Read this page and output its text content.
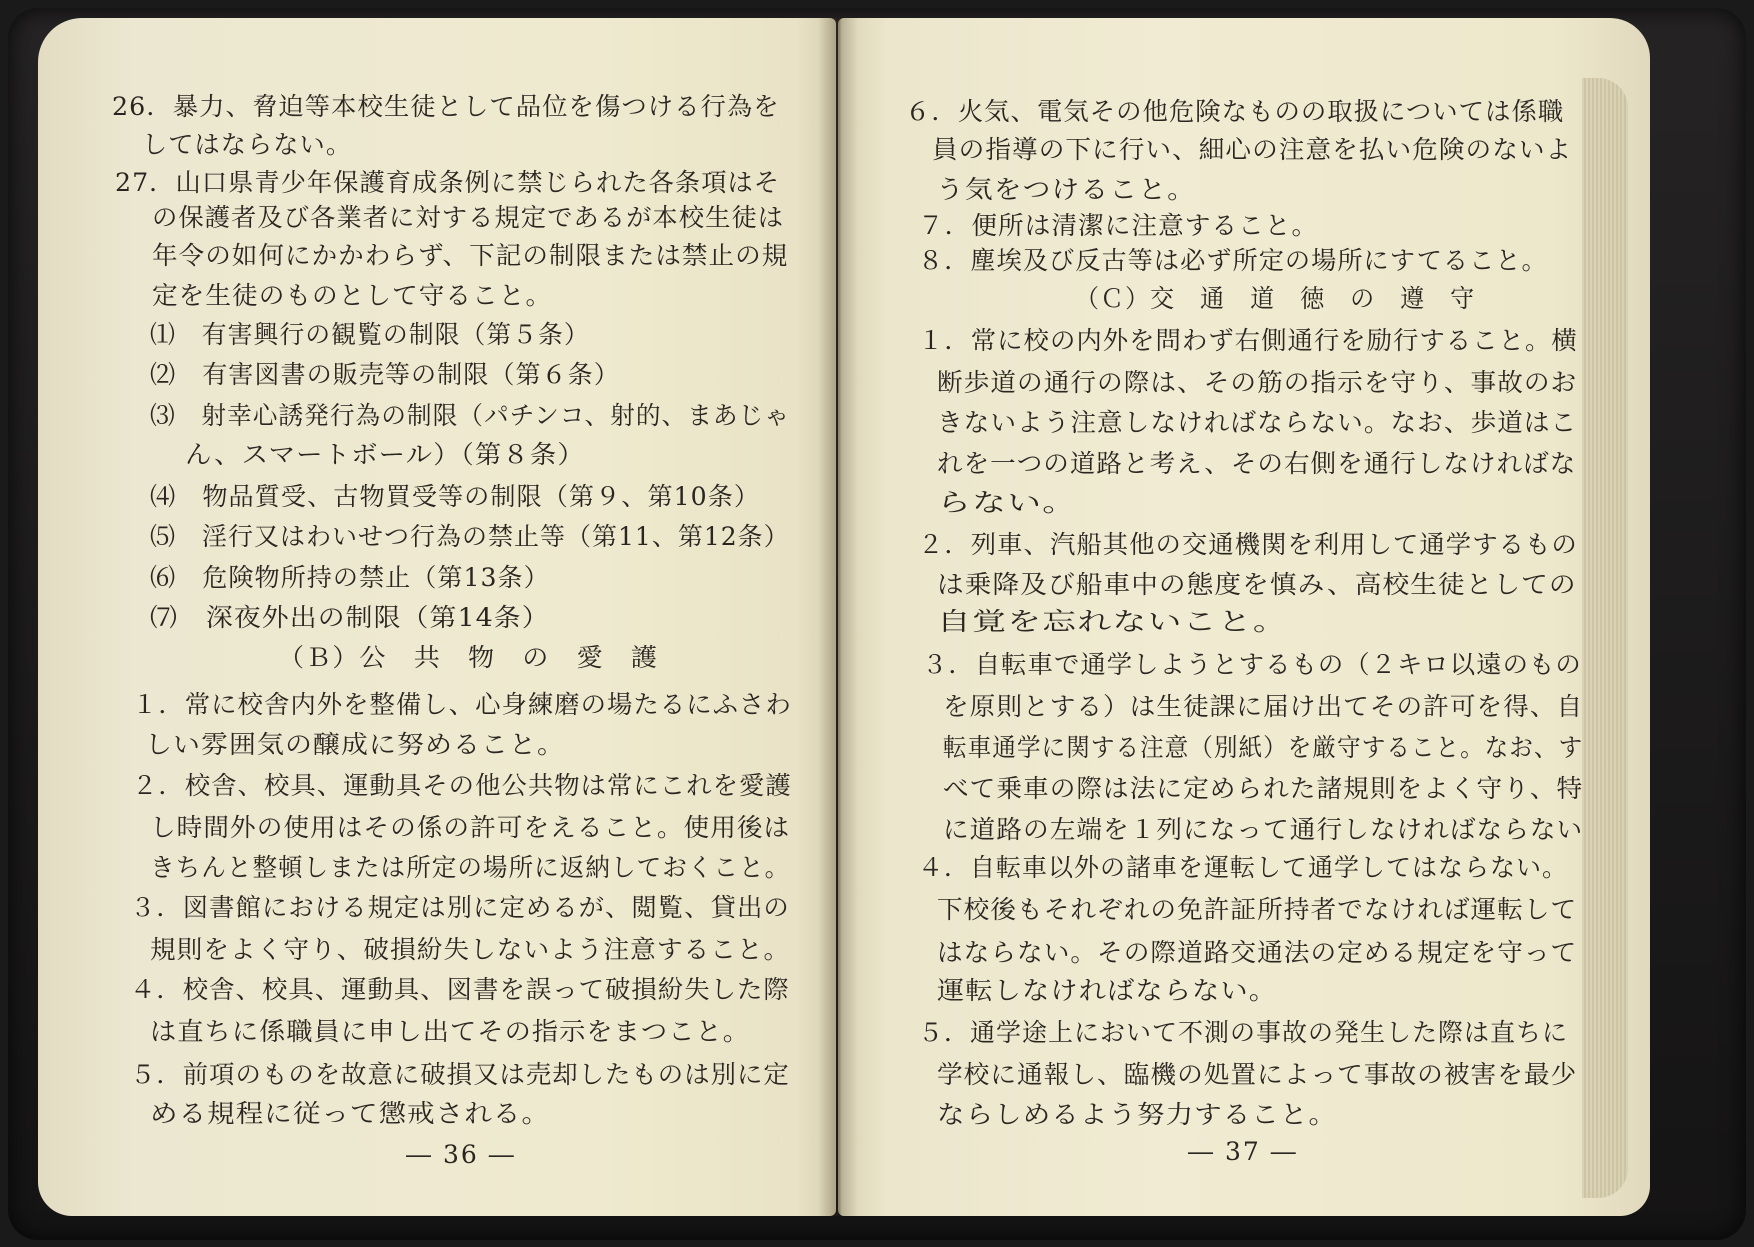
26．暴力、脅迫等本校生徒として品位を傷つける行為を
してはならない。
27．山口県青少年保護育成条例に禁じられた各条項はそ
の保護者及び各業者に対する規定であるが本校生徒は
年令の如何にかかわらず、下記の制限または禁止の規
定を生徒のものとして守ること。
⑴　有害興行の観覧の制限（第５条）
⑵　有害図書の販売等の制限（第６条）
⑶　射幸心誘発行為の制限（パチンコ、射的、まあじゃ
ん、スマートボール）（第８条）
⑷　物品質受、古物買受等の制限（第９、第10条）
⑸　淫行又はわいせつ行為の禁止等（第11、第12条）
⑹　危険物所持の禁止（第13条）
⑺　深夜外出の制限（第14条）
（Ｂ）公　共　物　の　愛　護
１．常に校舎内外を整備し、心身練磨の場たるにふさわ
しい雰囲気の醸成に努めること。
２．校舎、校具、運動具その他公共物は常にこれを愛護
し時間外の使用はその係の許可をえること。使用後は
きちんと整頓しまたは所定の場所に返納しておくこと。
３．図書館における規定は別に定めるが、閲覧、貸出の
規則をよく守り、破損紛失しないよう注意すること。
４．校舎、校具、運動具、図書を誤って破損紛失した際
は直ちに係職員に申し出てその指示をまつこと。
５．前項のものを故意に破損又は売却したものは別に定
める規程に従って懲戒される。
― 36 ―
６．火気、電気その他危険なものの取扱については係職
員の指導の下に行い、細心の注意を払い危険のないよ
う気をつけること。
７．便所は清潔に注意すること。
８．塵埃及び反古等は必ず所定の場所にすてること。
（Ｃ）交　通　道　徳　の　遵　守
１．常に校の内外を問わず右側通行を励行すること。横
断歩道の通行の際は、その筋の指示を守り、事故のお
きないよう注意しなければならない。なお、歩道はこ
れを一つの道路と考え、その右側を通行しなければな
らない。
２．列車、汽船其他の交通機関を利用して通学するもの
は乗降及び船車中の態度を慎み、高校生徒としての
自覚を忘れないこと。
３．自転車で通学しようとするもの（２キロ以遠のもの
を原則とする）は生徒課に届け出てその許可を得、自
転車通学に関する注意（別紙）を厳守すること。なお、す
べて乗車の際は法に定められた諸規則をよく守り、特
に道路の左端を１列になって通行しなければならない
４．自転車以外の諸車を運転して通学してはならない。
下校後もそれぞれの免許証所持者でなければ運転して
はならない。その際道路交通法の定める規定を守って
運転しなければならない。
５．通学途上において不測の事故の発生した際は直ちに
学校に通報し、臨機の処置によって事故の被害を最少
ならしめるよう努力すること。
― 37 ―
